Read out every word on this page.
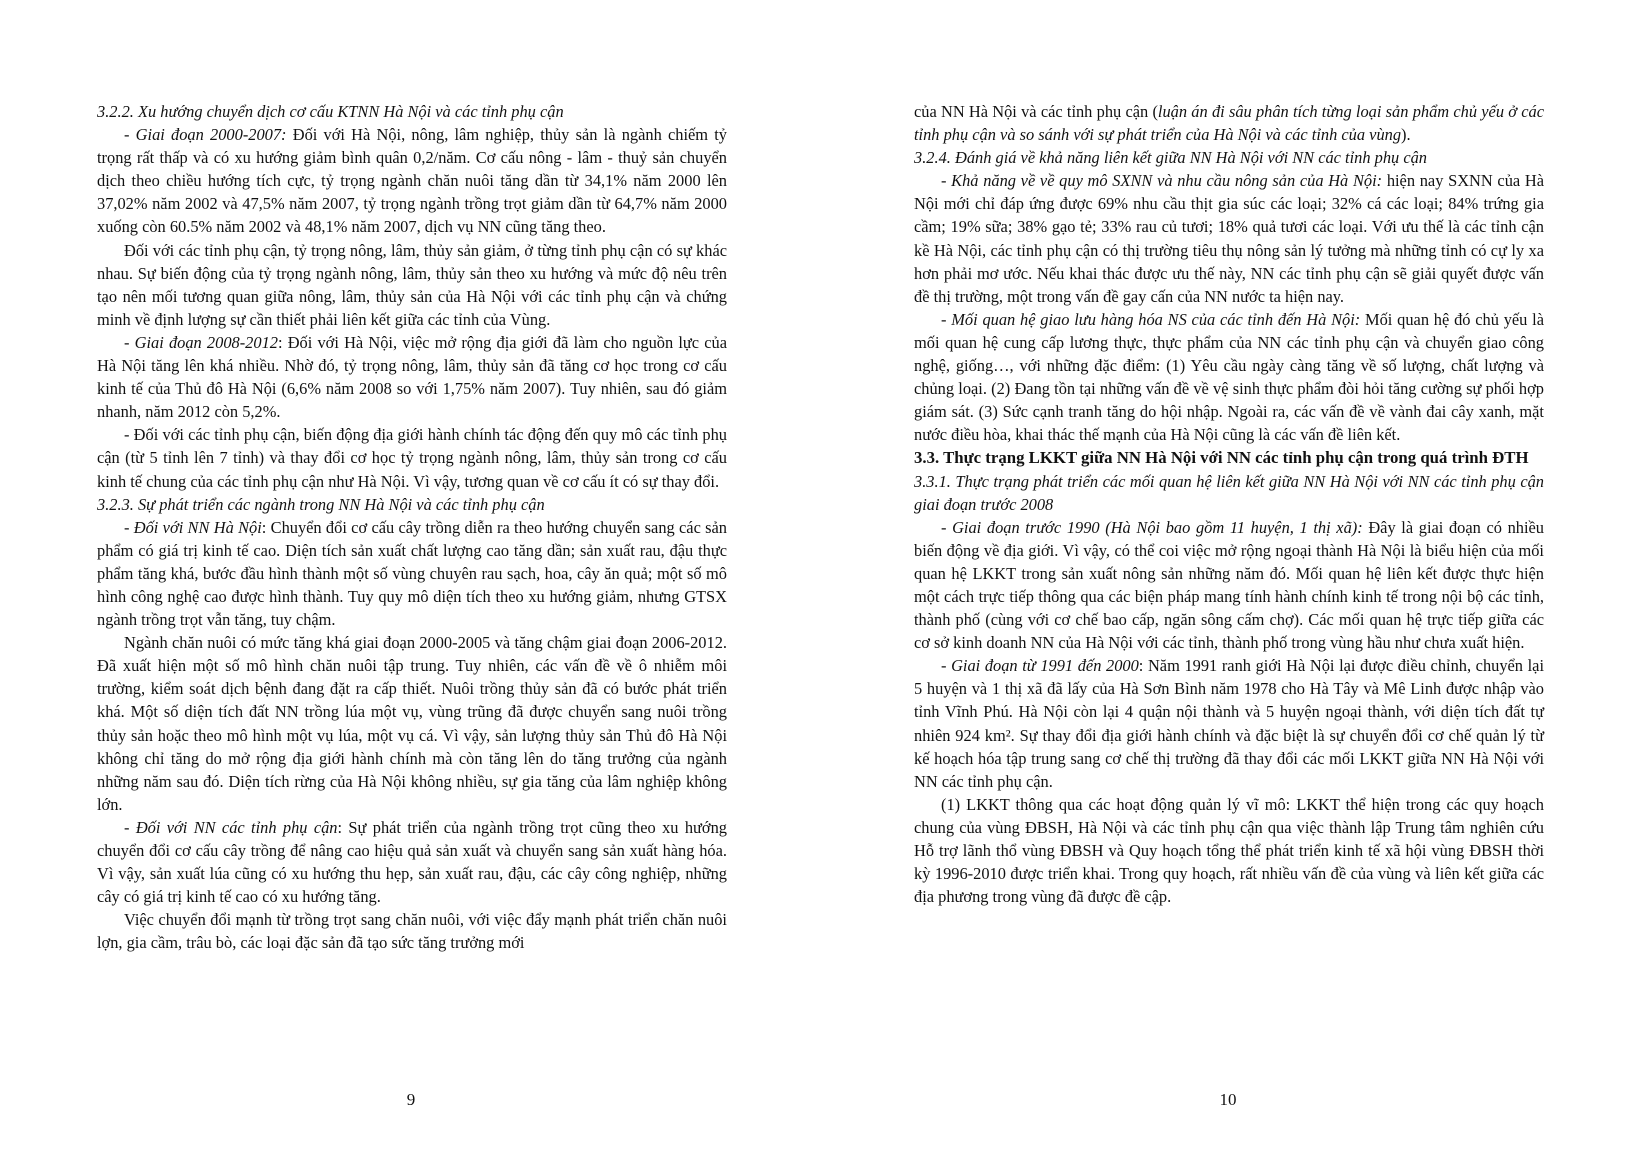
3.2.2. Xu hướng chuyển dịch cơ cấu KTNN Hà Nội và các tỉnh phụ cận

- Giai đoạn 2000-2007: Đối với Hà Nội, nông, lâm nghiệp, thủy sản là ngành chiếm tỷ trọng rất thấp và có xu hướng giảm bình quân 0,2/năm. Cơ cấu nông - lâm - thuỷ sản chuyển dịch theo chiều hướng tích cực, tỷ trọng ngành chăn nuôi tăng dần từ 34,1% năm 2000 lên 37,02% năm 2002 và 47,5% năm 2007, tỷ trọng ngành trồng trọt giảm dần từ 64,7% năm 2000 xuống còn 60.5% năm 2002 và 48,1% năm 2007, dịch vụ NN cũng tăng theo.

Đối với các tỉnh phụ cận, tỷ trọng nông, lâm, thủy sản giảm, ở từng tỉnh phụ cận có sự khác nhau. Sự biến động của tỷ trọng ngành nông, lâm, thủy sản theo xu hướng và mức độ nêu trên tạo nên mối tương quan giữa nông, lâm, thủy sản của Hà Nội với các tỉnh phụ cận và chứng minh về định lượng sự cần thiết phải liên kết giữa các tỉnh của Vùng.

- Giai đoạn 2008-2012: Đối với Hà Nội, việc mở rộng địa giới đã làm cho nguồn lực của Hà Nội tăng lên khá nhiều. Nhờ đó, tỷ trọng nông, lâm, thủy sản đã tăng cơ học trong cơ cấu kinh tế của Thủ đô Hà Nội (6,6% năm 2008 so với 1,75% năm 2007). Tuy nhiên, sau đó giảm nhanh, năm 2012 còn 5,2%.

- Đối với các tỉnh phụ cận, biến động địa giới hành chính tác động đến quy mô các tỉnh phụ cận (từ 5 tỉnh lên 7 tỉnh) và thay đổi cơ học tỷ trọng ngành nông, lâm, thủy sản trong cơ cấu kinh tế chung của các tỉnh phụ cận như Hà Nội. Vì vậy, tương quan về cơ cấu ít có sự thay đổi.

3.2.3. Sự phát triển các ngành trong NN Hà Nội và các tỉnh phụ cận

- Đối với NN Hà Nội: Chuyển đổi cơ cấu cây trồng diễn ra theo hướng chuyển sang các sản phẩm có giá trị kinh tế cao. Diện tích sản xuất chất lượng cao tăng dần; sản xuất rau, đậu thực phẩm tăng khá, bước đầu hình thành một số vùng chuyên rau sạch, hoa, cây ăn quả; một số mô hình công nghệ cao được hình thành. Tuy quy mô diện tích theo xu hướng giảm, nhưng GTSX ngành trồng trọt vẫn tăng, tuy chậm.

Ngành chăn nuôi có mức tăng khá giai đoạn 2000-2005 và tăng chậm giai đoạn 2006-2012. Đã xuất hiện một số mô hình chăn nuôi tập trung. Tuy nhiên, các vấn đề về ô nhiễm môi trường, kiểm soát dịch bệnh đang đặt ra cấp thiết. Nuôi trồng thủy sản đã có bước phát triển khá. Một số diện tích đất NN trồng lúa một vụ, vùng trũng đã được chuyển sang nuôi trồng thủy sản hoặc theo mô hình một vụ lúa, một vụ cá. Vì vậy, sản lượng thủy sản Thủ đô Hà Nội không chỉ tăng do mở rộng địa giới hành chính mà còn tăng lên do tăng trưởng của ngành những năm sau đó. Diện tích rừng của Hà Nội không nhiều, sự gia tăng của lâm nghiệp không lớn.

- Đối với NN các tỉnh phụ cận: Sự phát triển của ngành trồng trọt cũng theo xu hướng chuyển đổi cơ cấu cây trồng để nâng cao hiệu quả sản xuất và chuyển sang sản xuất hàng hóa. Vì vậy, sản xuất lúa cũng có xu hướng thu hẹp, sản xuất rau, đậu, các cây công nghiệp, những cây có giá trị kinh tế cao có xu hướng tăng.

Việc chuyển đổi mạnh từ trồng trọt sang chăn nuôi, với việc đẩy mạnh phát triển chăn nuôi lợn, gia cầm, trâu bò, các loại đặc sản đã tạo sức tăng trưởng mới

9

của NN Hà Nội và các tỉnh phụ cận (luận án đi sâu phân tích từng loại sản phẩm chủ yếu ở các tỉnh phụ cận và so sánh với sự phát triển của Hà Nội và các tỉnh của vùng).

3.2.4. Đánh giá về khả năng liên kết giữa NN Hà Nội với NN các tỉnh phụ cận

- Khả năng về về quy mô SXNN và nhu cầu nông sản của Hà Nội: hiện nay SXNN của Hà Nội mới chỉ đáp ứng được 69% nhu cầu thịt gia súc các loại; 32% cá các loại; 84% trứng gia cầm; 19% sữa; 38% gạo tẻ; 33% rau củ tươi; 18% quả tươi các loại. Với ưu thế là các tỉnh cận kề Hà Nội, các tỉnh phụ cận có thị trường tiêu thụ nông sản lý tưởng mà những tỉnh có cự ly xa hơn phải mơ ước. Nếu khai thác được ưu thế này, NN các tỉnh phụ cận sẽ giải quyết được vấn đề thị trường, một trong vấn đề gay cấn của NN nước ta hiện nay.

- Mối quan hệ giao lưu hàng hóa NS của các tỉnh đến Hà Nội: Mối quan hệ đó chủ yếu là mối quan hệ cung cấp lương thực, thực phẩm của NN các tỉnh phụ cận và chuyển giao công nghệ, giống…, với những đặc điểm: (1) Yêu cầu ngày càng tăng về số lượng, chất lượng và chủng loại. (2) Đang tồn tại những vấn đề về vệ sinh thực phẩm đòi hỏi tăng cường sự phối hợp giám sát. (3) Sức cạnh tranh tăng do hội nhập. Ngoài ra, các vấn đề về vành đai cây xanh, mặt nước điều hòa, khai thác thế mạnh của Hà Nội cũng là các vấn đề liên kết.

3.3. Thực trạng LKKT giữa NN Hà Nội với NN các tỉnh phụ cận trong quá trình ĐTH

3.3.1. Thực trạng phát triển các mối quan hệ liên kết giữa NN Hà Nội với NN các tỉnh phụ cận giai đoạn trước 2008

- Giai đoạn trước 1990 (Hà Nội bao gồm 11 huyện, 1 thị xã): Đây là giai đoạn có nhiều biến động về địa giới. Vì vậy, có thể coi việc mở rộng ngoại thành Hà Nội là biểu hiện của mối quan hệ LKKT trong sản xuất nông sản những năm đó. Mối quan hệ liên kết được thực hiện một cách trực tiếp thông qua các biện pháp mang tính hành chính kinh tế trong nội bộ các tỉnh, thành phố (cùng với cơ chế bao cấp, ngăn sông cấm chợ). Các mối quan hệ trực tiếp giữa các cơ sở kinh doanh NN của Hà Nội với các tỉnh, thành phố trong vùng hầu như chưa xuất hiện.

- Giai đoạn từ 1991 đến 2000: Năm 1991 ranh giới Hà Nội lại được điều chỉnh, chuyển lại 5 huyện và 1 thị xã đã lấy của Hà Sơn Bình năm 1978 cho Hà Tây và Mê Linh được nhập vào tỉnh Vĩnh Phú. Hà Nội còn lại 4 quận nội thành và 5 huyện ngoại thành, với diện tích đất tự nhiên 924 km². Sự thay đổi địa giới hành chính và đặc biệt là sự chuyển đổi cơ chế quản lý từ kế hoạch hóa tập trung sang cơ chế thị trường đã thay đổi các mối LKKT giữa NN Hà Nội với NN các tỉnh phụ cận.

(1) LKKT thông qua các hoạt động quản lý vĩ mô: LKKT thể hiện trong các quy hoạch chung của vùng ĐBSH, Hà Nội và các tỉnh phụ cận qua việc thành lập Trung tâm nghiên cứu Hỗ trợ lãnh thổ vùng ĐBSH và Quy hoạch tổng thể phát triển kinh tế xã hội vùng ĐBSH thời kỳ 1996-2010 được triển khai. Trong quy hoạch, rất nhiều vấn đề của vùng và liên kết giữa các địa phương trong vùng đã được đề cập.

10
